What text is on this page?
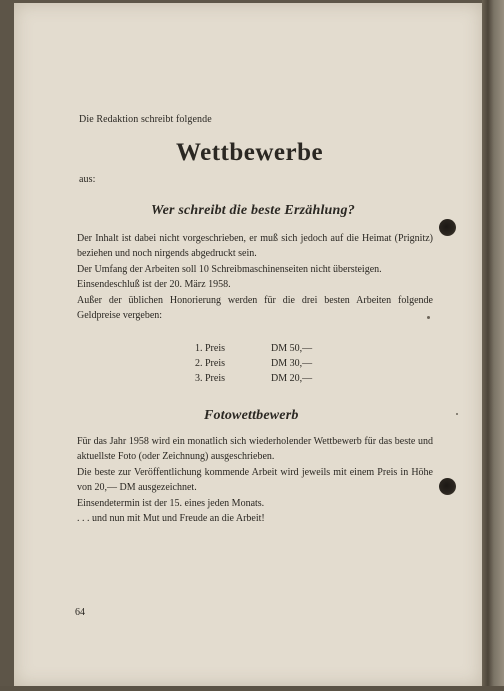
Die Redaktion schreibt folgende
Wettbewerbe
aus:
Wer schreibt die beste Erzählung?

Der Inhalt ist dabei nicht vorgeschrieben, er muß sich jedoch auf die Heimat (Prignitz) beziehen und noch nirgends abgedruckt sein.

Der Umfang der Arbeiten soll 10 Schreibmaschinenseiten nicht übersteigen.

Einsendeschluß ist der 20. März 1958.

Außer der üblichen Honorierung werden für die drei besten Arbeiten folgende Geldpreise vergeben:

1. Preis	DM 50,—
2. Preis	DM 30,—
3. Preis	DM 20,—
Fotowettbewerb

Für das Jahr 1958 wird ein monatlich sich wiederholender Wettbewerb für das beste und aktuellste Foto (oder Zeichnung) ausgeschrieben.

Die beste zur Veröffentlichung kommende Arbeit wird jeweils mit einem Preis in Höhe von 20,— DM ausgezeichnet.

Einsendetermin ist der 15. eines jeden Monats.

. . . und nun mit Mut und Freude an die Arbeit!

64
